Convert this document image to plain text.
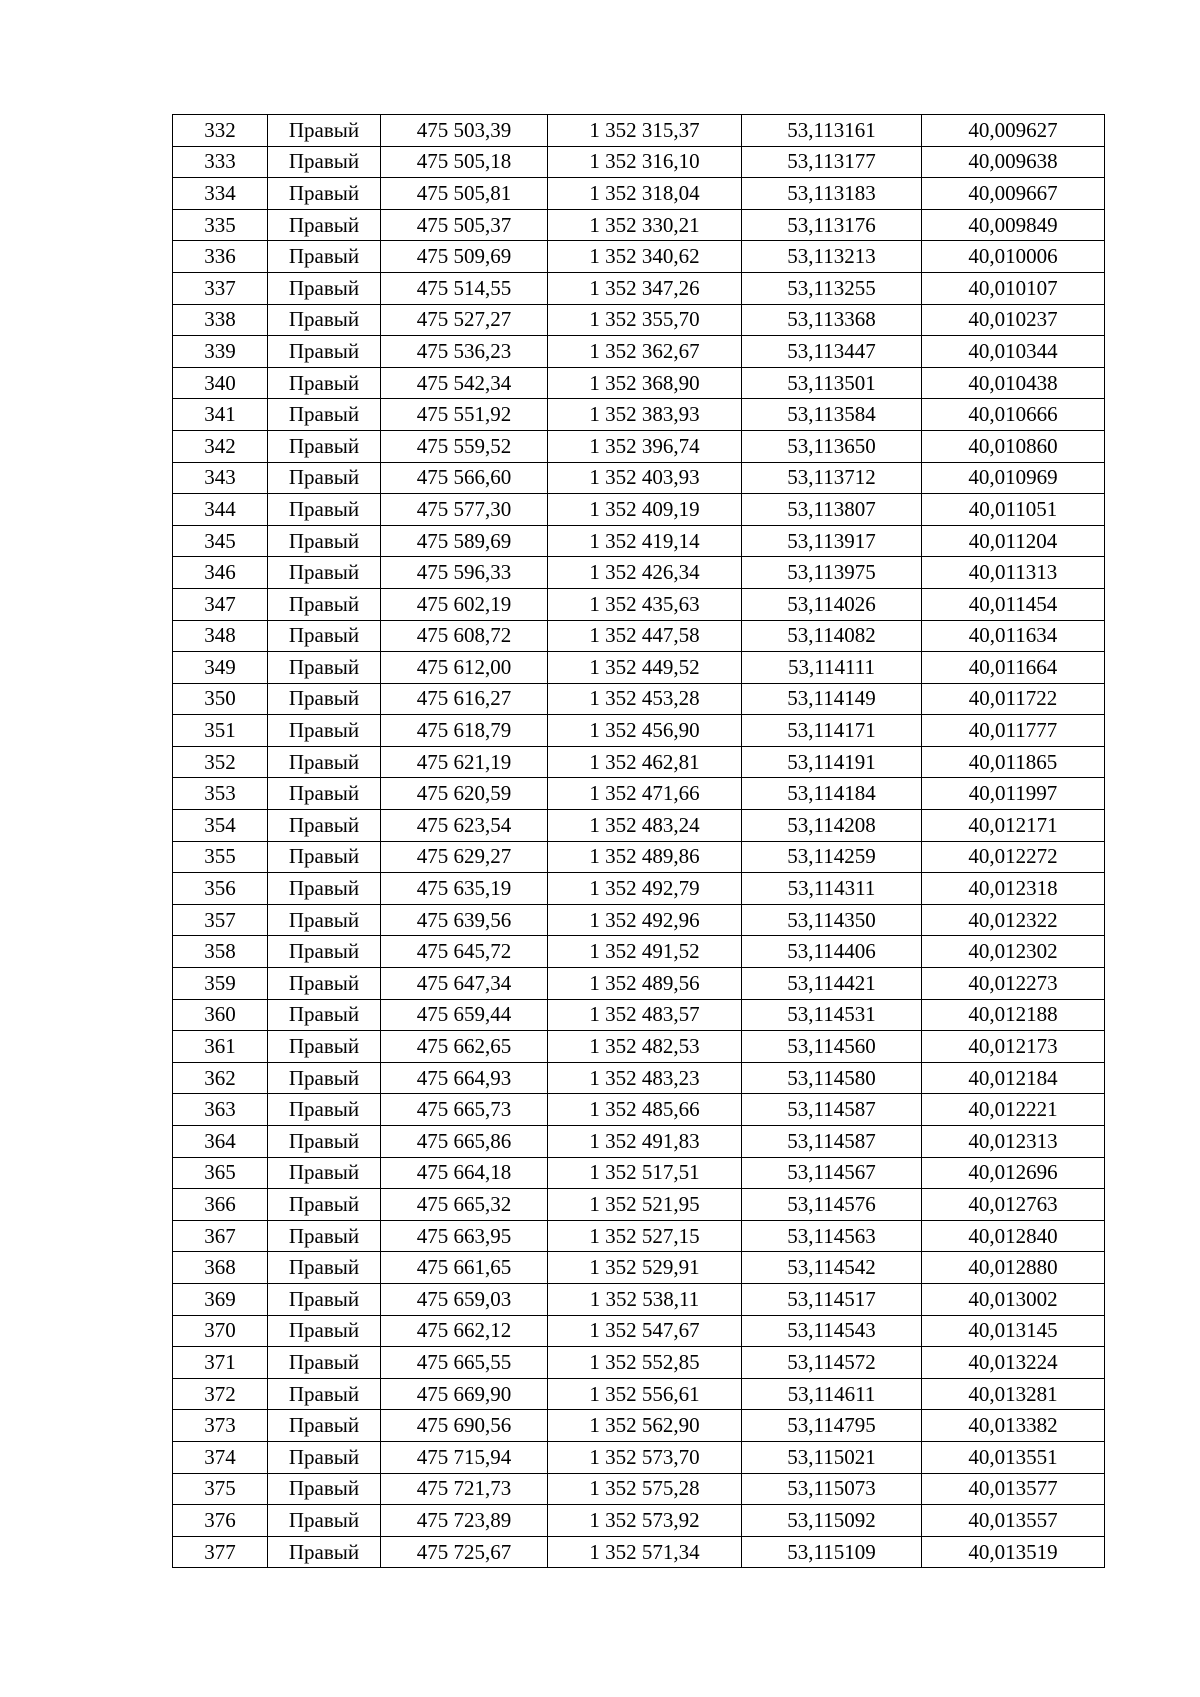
332	Правый	475 503,39	1 352 315,37	53,113161	40,009627
333	Правый	475 505,18	1 352 316,10	53,113177	40,009638
334	Правый	475 505,81	1 352 318,04	53,113183	40,009667
335	Правый	475 505,37	1 352 330,21	53,113176	40,009849
336	Правый	475 509,69	1 352 340,62	53,113213	40,010006
337	Правый	475 514,55	1 352 347,26	53,113255	40,010107
338	Правый	475 527,27	1 352 355,70	53,113368	40,010237
339	Правый	475 536,23	1 352 362,67	53,113447	40,010344
340	Правый	475 542,34	1 352 368,90	53,113501	40,010438
341	Правый	475 551,92	1 352 383,93	53,113584	40,010666
342	Правый	475 559,52	1 352 396,74	53,113650	40,010860
343	Правый	475 566,60	1 352 403,93	53,113712	40,010969
344	Правый	475 577,30	1 352 409,19	53,113807	40,011051
345	Правый	475 589,69	1 352 419,14	53,113917	40,011204
346	Правый	475 596,33	1 352 426,34	53,113975	40,011313
347	Правый	475 602,19	1 352 435,63	53,114026	40,011454
348	Правый	475 608,72	1 352 447,58	53,114082	40,011634
349	Правый	475 612,00	1 352 449,52	53,114111	40,011664
350	Правый	475 616,27	1 352 453,28	53,114149	40,011722
351	Правый	475 618,79	1 352 456,90	53,114171	40,011777
352	Правый	475 621,19	1 352 462,81	53,114191	40,011865
353	Правый	475 620,59	1 352 471,66	53,114184	40,011997
354	Правый	475 623,54	1 352 483,24	53,114208	40,012171
355	Правый	475 629,27	1 352 489,86	53,114259	40,012272
356	Правый	475 635,19	1 352 492,79	53,114311	40,012318
357	Правый	475 639,56	1 352 492,96	53,114350	40,012322
358	Правый	475 645,72	1 352 491,52	53,114406	40,012302
359	Правый	475 647,34	1 352 489,56	53,114421	40,012273
360	Правый	475 659,44	1 352 483,57	53,114531	40,012188
361	Правый	475 662,65	1 352 482,53	53,114560	40,012173
362	Правый	475 664,93	1 352 483,23	53,114580	40,012184
363	Правый	475 665,73	1 352 485,66	53,114587	40,012221
364	Правый	475 665,86	1 352 491,83	53,114587	40,012313
365	Правый	475 664,18	1 352 517,51	53,114567	40,012696
366	Правый	475 665,32	1 352 521,95	53,114576	40,012763
367	Правый	475 663,95	1 352 527,15	53,114563	40,012840
368	Правый	475 661,65	1 352 529,91	53,114542	40,012880
369	Правый	475 659,03	1 352 538,11	53,114517	40,013002
370	Правый	475 662,12	1 352 547,67	53,114543	40,013145
371	Правый	475 665,55	1 352 552,85	53,114572	40,013224
372	Правый	475 669,90	1 352 556,61	53,114611	40,013281
373	Правый	475 690,56	1 352 562,90	53,114795	40,013382
374	Правый	475 715,94	1 352 573,70	53,115021	40,013551
375	Правый	475 721,73	1 352 575,28	53,115073	40,013577
376	Правый	475 723,89	1 352 573,92	53,115092	40,013557
377	Правый	475 725,67	1 352 571,34	53,115109	40,013519
